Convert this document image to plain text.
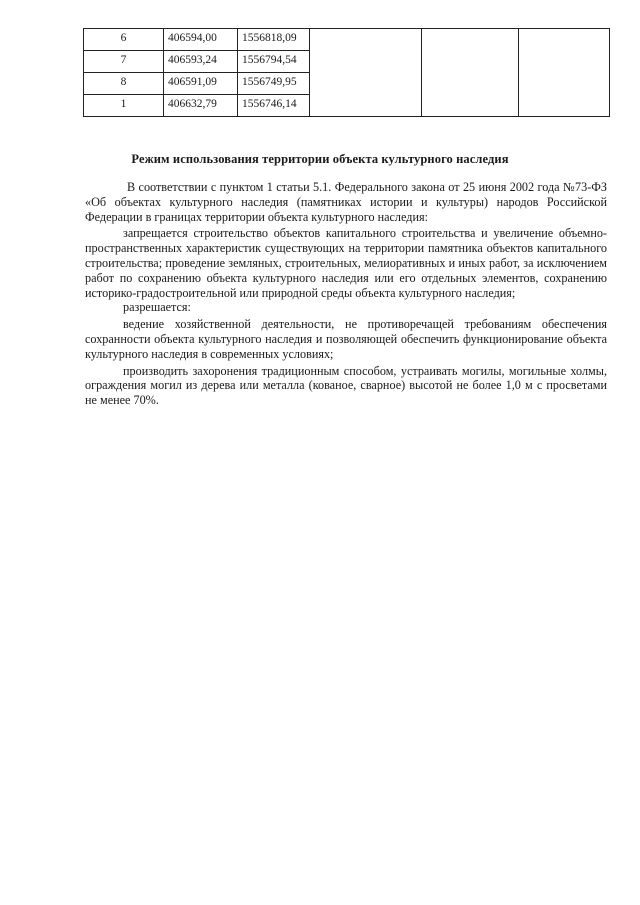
6	406594,00	1556818,09			
7	406593,24	1556794,54			
8	406591,09	1556749,95			
1	406632,79	1556746,14			
Режим использования территории объекта культурного наследия

В соответствии с пунктом 1 статьи 5.1. Федерального закона от 25 июня 2002 года №73-ФЗ «Об объектах культурного наследия (памятниках истории и культуры) народов Российской Федерации в границах территории объекта культурного наследия:

запрещается строительство объектов капитального строительства и увеличение объемно-пространственных характеристик существующих на территории памятника объектов капитального строительства; проведение земляных, строительных, мелиоративных и иных работ, за исключением работ по сохранению объекта культурного наследия или его отдельных элементов, сохранению историко-градостроительной или природной среды объекта культурного наследия;

разрешается:

ведение хозяйственной деятельности, не противоречащей требованиям обеспечения сохранности объекта культурного наследия и позволяющей обеспечить функционирование объекта культурного наследия в современных условиях;

производить захоронения традиционным способом, устраивать могилы, могильные холмы, ограждения могил из дерева или металла (кованое, сварное) высотой не более 1,0 м с просветами не менее 70%.
